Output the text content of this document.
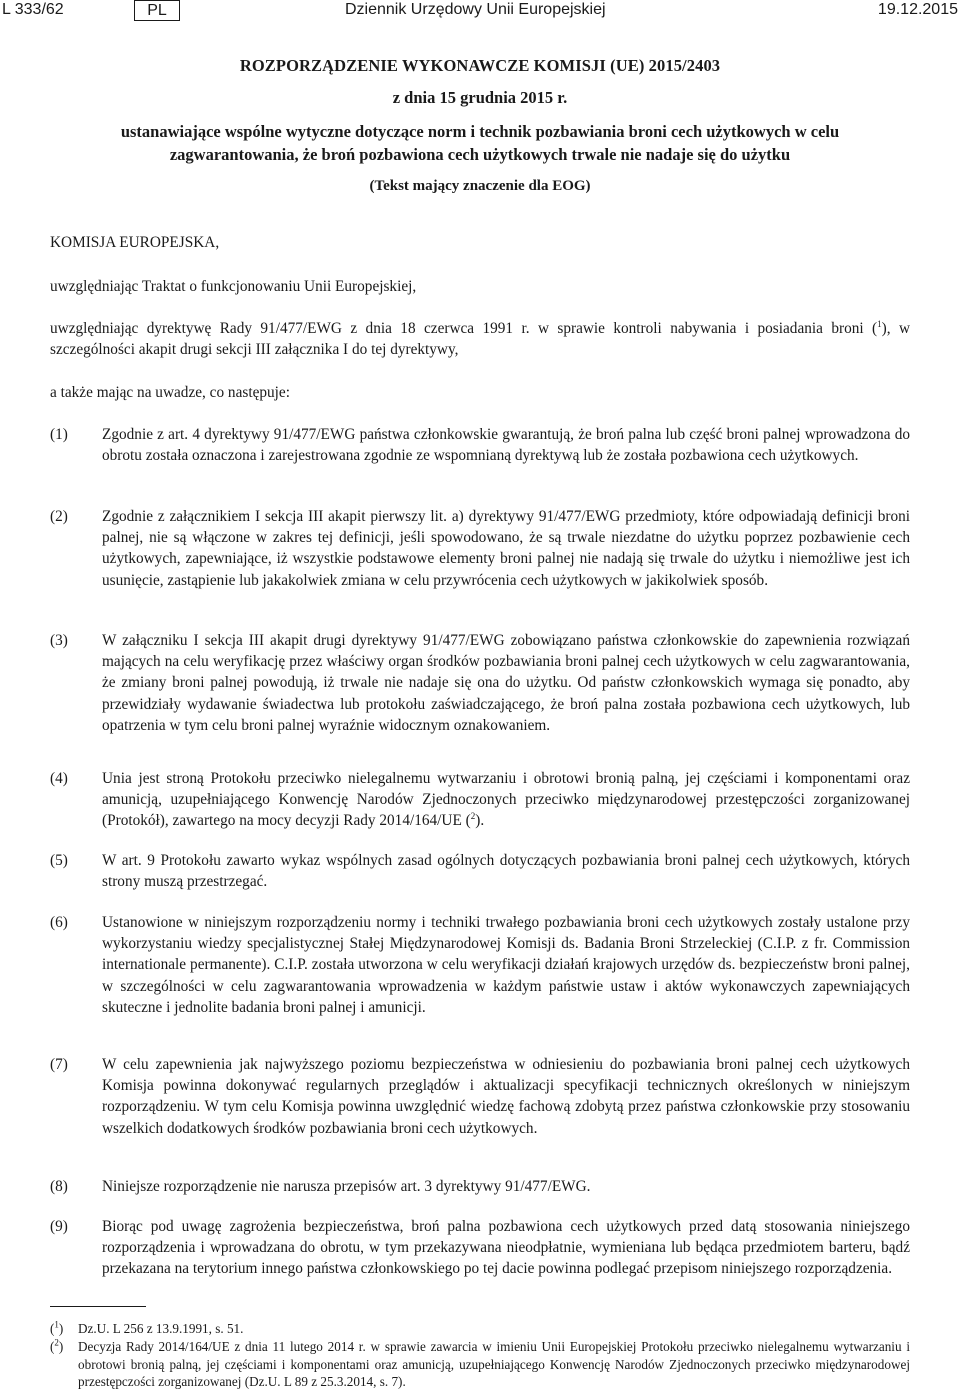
L 333/62	PL	Dziennik Urzędowy Unii Europejskiej	19.12.2015
ROZPORZĄDZENIE WYKONAWCZE KOMISJI (UE) 2015/2403
z dnia 15 grudnia 2015 r.
ustanawiające wspólne wytyczne dotyczące norm i technik pozbawiania broni cech użytkowych w celu zagwarantowania, że broń pozbawiona cech użytkowych trwale nie nadaje się do użytku
(Tekst mający znaczenie dla EOG)
KOMISJA EUROPEJSKA,
uwzględniając Traktat o funkcjonowaniu Unii Europejskiej,
uwzględniając dyrektywę Rady 91/477/EWG z dnia 18 czerwca 1991 r. w sprawie kontroli nabywania i posiadania broni ($^1$), w szczególności akapit drugi sekcji III załącznika I do tej dyrektywy,
a także mając na uwadze, co następuje:
(1)	Zgodnie z art. 4 dyrektywy 91/477/EWG państwa członkowskie gwarantują, że broń palna lub część broni palnej wprowadzona do obrotu została oznaczona i zarejestrowana zgodnie ze wspomnianą dyrektywą lub że została pozbawiona cech użytkowych.
(2)	Zgodnie z załącznikiem I sekcja III akapit pierwszy lit. a) dyrektywy 91/477/EWG przedmioty, które odpowiadają definicji broni palnej, nie są włączone w zakres tej definicji, jeśli spowodowano, że są trwale niezdatne do użytku poprzez pozbawienie cech użytkowych, zapewniające, iż wszystkie podstawowe elementy broni palnej nie nadają się trwale do użytku i niemożliwe jest ich usunięcie, zastąpienie lub jakakolwiek zmiana w celu przywrócenia cech użytkowych w jakikolwiek sposób.
(3)	W załączniku I sekcja III akapit drugi dyrektywy 91/477/EWG zobowiązano państwa członkowskie do zapewnienia rozwiązań mających na celu weryfikację przez właściwy organ środków pozbawiania broni palnej cech użytkowych w celu zagwarantowania, że zmiany broni palnej powodują, iż trwale nie nadaje się ona do użytku. Od państw członkowskich wymaga się ponadto, aby przewidziały wydawanie świadectwa lub protokołu zaświadczającego, że broń palna została pozbawiona cech użytkowych, lub opatrzenia w tym celu broni palnej wyraźnie widocznym oznakowaniem.
(4)	Unia jest stroną Protokołu przeciwko nielegalnemu wytwarzaniu i obrotowi bronią palną, jej częściami i komponentami oraz amunicją, uzupełniającego Konwencję Narodów Zjednoczonych przeciwko międzynarodowej przestępczości zorganizowanej (Protokół), zawartego na mocy decyzji Rady 2014/164/UE ($^2$).
(5)	W art. 9 Protokołu zawarto wykaz wspólnych zasad ogólnych dotyczących pozbawiania broni palnej cech użytkowych, których strony muszą przestrzegać.
(6)	Ustanowione w niniejszym rozporządzeniu normy i techniki trwałego pozbawiania broni cech użytkowych zostały ustalone przy wykorzystaniu wiedzy specjalistycznej Stałej Międzynarodowej Komisji ds. Badania Broni Strzeleckiej (C.I.P. z fr. Commission internationale permanente). C.I.P. została utworzona w celu weryfikacji działań krajowych urzędów ds. bezpieczeństw broni palnej, w szczególności w celu zagwarantowania wprowadzenia w każdym państwie ustaw i aktów wykonawczych zapewniających skuteczne i jednolite badania broni palnej i amunicji.
(7)	W celu zapewnienia jak najwyższego poziomu bezpieczeństwa w odniesieniu do pozbawiania broni palnej cech użytkowych Komisja powinna dokonywać regularnych przeglądów i aktualizacji specyfikacji technicznych określonych w niniejszym rozporządzeniu. W tym celu Komisja powinna uwzględnić wiedzę fachową zdobytą przez państwa członkowskie przy stosowaniu wszelkich dodatkowych środków pozbawiania broni cech użytkowych.
(8)	Niniejsze rozporządzenie nie narusza przepisów art. 3 dyrektywy 91/477/EWG.
(9)	Biorąc pod uwagę zagrożenia bezpieczeństwa, broń palna pozbawiona cech użytkowych przed datą stosowania niniejszego rozporządzenia i wprowadzana do obrotu, w tym przekazywana nieodpłatnie, wymieniana lub będąca przedmiotem barteru, bądź przekazana na terytorium innego państwa członkowskiego po tej dacie powinna podlegać przepisom niniejszego rozporządzenia.
($^1$) Dz.U. L 256 z 13.9.1991, s. 51.
($^2$) Decyzja Rady 2014/164/UE z dnia 11 lutego 2014 r. w sprawie zawarcia w imieniu Unii Europejskiej Protokołu przeciwko nielegalnemu wytwarzaniu i obrotowi bronią palną, jej częściami i komponentami oraz amunicją, uzupełniającego Konwencję Narodów Zjednoczonych przeciwko międzynarodowej przestępczości zorganizowanej (Dz.U. L 89 z 25.3.2014, s. 7).
